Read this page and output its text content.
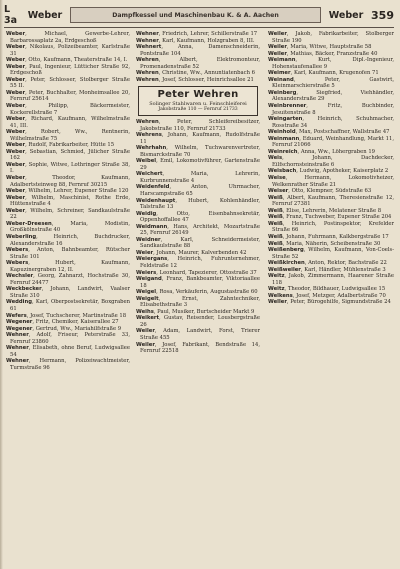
L 3a	Weber	Dampfkessel und Maschinenbau K. & A. Aachen	Weber 359

Weber, Michael, Gewerbe-Lehrer, Barbarossaplatz 2a, Erdgeschoß

Weber, Nikolaus, Polizeibeamter, Karlstraße 31

Weber, Otto, Kaufmann, Theaterstraße 14, I.

Weber, Paul, Ingenieur, Lütticher Straße 92, Erdgeschoß

Weber, Peter, Schlosser, Stolberger Straße 55 II.

Weber, Peter, Buchhalter, Monheimsallee 20, Fernruf 25614

Weber, Philipp, Bäckermeister, Kockerellstraße 7

Weber, Richard, Kaufmann, Wilhelmstraße 41, III.

Weber, Robert, Ww., Rentnerin, Wilhelmstraße 75

Weber, Rudolf, Fabrikarbeiter, Hütte 15

Weber, Sebastian, Schmied, Jülicher Straße 162

Weber, Sophie, Witwe, Lothringer Straße 38, I.

Weber, Theodor, Kaufmann, Adalbertsteinweg 88, Fernruf 30215

Weber, Wilhelm, Lehrer, Eupener Straße 120

Weber, Wilhelm, Maschinist, Rothe Erde, Hüttenstraße 4

Weber, Wilhelm, Schreiner, Sandkaulstraße 22

Weber-Dreesen, Maria, Modistin, Großkölnstraße 40

Weberling, Heinrich, Buchdrucker, Alexanderstraße 16

Webers, Anton, Bahnbeamter, Rütscher Straße 101

Webers, Hubert, Kaufmann, Kapuzinergraben 12, II.

Wechsler, Georg, Zahnarzt, Hochstraße 30, Fernruf 24477

Weckbecker, Johann, Landwirt, Vaalser Straße 310

Wedding, Karl, Oberpostsekretär, Boxgraben 61

Wefers, Josef, Tuchscherer, Martinstraße 18

Wegener, Fritz, Chemiker, Kaiserallee 27

Wegener, Gertrud, Ww., Mariahilfstraße 9

Wehner, Adolf, Friseur, Peterstraße 33, Fernruf 23860

Wehner, Elisabeth, ohne Beruf, Ludwigsallee 54

Wehner, Hermann, Polizeiwachtmeister, Turmstraße 96

Wehner, Friedrich, Lehrer, Schillerstraße 17

Wehner, Karl, Kaufmann, Holzgraben 8, III.

Wehnert, Anna, Damenschneiderin, Pontstraße 104

Wehren, Albert, Elektromonteur, Promenadenstraße 52

Wehren, Christine, Ww., Annuntiatenbach 6

Wehren, Josef, Schlosser, Heinrichsallee 21

Peter Wehren
Solinger Stahlwaren u. Feinschleiferei
Jakobstraße 110 — Fernruf 21733

Wehren, Peter, Schleifereibesitzer, Jakobstraße 110, Fernruf 21733

Wehrens, Johann, Kaufmann, Rudolfstraße 11

Wehrhahn, Wilhelm, Tuchwarenvertreter, Bismarckstraße 70

Weibel, Emil, Lokomotivführer, Gartenstraße 29

Weichert, Maria, Lehrerin, Kurbrunnenstraße 4

Weidenfeld, Anton, Uhrmacher, Harscampstraße 65

Weidenhaupt, Hubert, Kohlenhändler, Talstraße 13

Weidig, Otto, Eisenbahnsekretär, Oppenhoffallee 47

Weidmann, Hans, Architekt, Mozartstraße 25, Fernruf 26149

Weidner, Karl, Schneidermeister, Sandkaulstraße 88

Weier, Johann, Maurer, Kalverbenden 42

Weiergans, Heinrich, Fuhrunternehmer, Feldstraße 12

Weiers, Leonhard, Tapezierer, Ottostraße 37

Weigand, Franz, Bankbeamter, Viktoriaallee 18

Weigel, Rosa, Verkäuferin, Augustastraße 60

Weigelt, Ernst, Zahntechniker, Elisabethstraße 3

Weihs, Paul, Musiker, Burtscheider Markt 9

Weikert, Gustav, Reisender, Lousbergstraße 26

Weiler, Adam, Landwirt, Forst, Trierer Straße 455

Weiler, Josef, Fabrikant, Bendstraße 14, Fernruf 22518

Weiler, Jakob, Fabrikarbeiter, Stolberger Straße 190

Weiler, Maria, Witwe, Hauptstraße 58

Weiler, Mathias, Bäcker, Franzstraße 40

Weimann, Kurt, Dipl.-Ingenieur, Hohenstaufenallee 9

Weimer, Karl, Kaufmann, Krugenofen 71

Weinand, Peter, Gastwirt, Kleinmarschierstraße 5

Weinberg, Siegfried, Viehhändler, Alexanderstraße 29

Weinbrenner, Fritz, Buchbinder, Jesuitenstraße 8

Weingarten, Heinrich, Schuhmacher, Rosstraße 34

Weinhold, Max, Postschaffner, Wallstraße 47

Weinmann, Eduard, Weinhandlung, Markt 11, Fernruf 21066

Weinreich, Anna, Ww., Löhergraben 19

Weis, Johann, Dachdecker, Eilfschornsteinstraße 6

Weisbach, Ludwig, Apotheker, Kaiserplatz 2

Weise, Hermann, Lokomotivheizer, Welkenrather Straße 21

Weiser, Otto, Klempner, Südstraße 63

Weiß, Albert, Kaufmann, Theresienstraße 12, Fernruf 27381

Weiß, Elise, Lehrerin, Melatener Straße 8

Weiß, Franz, Tuchweber, Eupener Straße 204

Weiß, Heinrich, Postinspektor, Krefelder Straße 66

Weiß, Johann, Fuhrmann, Kalkbergstraße 17

Weiß, Maria, Näherin, Scheibenstraße 30

Weißenberg, Wilhelm, Kaufmann, Von-Coels-Straße 52

Weißkirchen, Anton, Rektor, Bachstraße 22

Weißweiler, Karl, Händler, Mühlenstraße 3

Weitz, Jakob, Zimmermann, Haarener Straße 118

Weitz, Theodor, Bildhauer, Ludwigsallee 15

Welkens, Josef, Metzger, Adalbertstraße 70

Weller, Peter, Bürogehilfe, Sigmundstraße 24
